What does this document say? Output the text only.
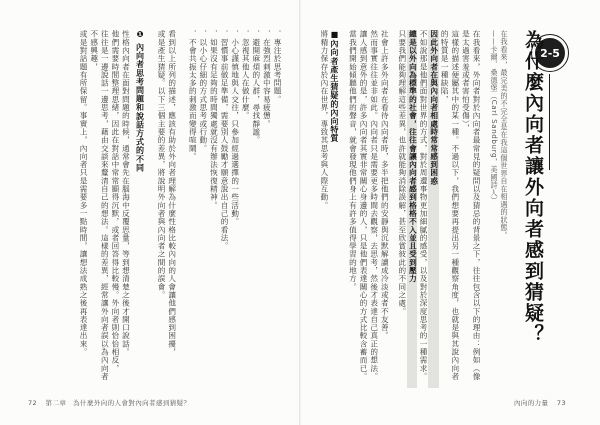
2-5
為什麼內向者讓外向者感到猜疑？
在我看來，最完美的不完全是在我這個世界自在相遇的狀態。
——卡爾．桑德堡（Carl Sandburg，美國詩人）
在我看來，外向者對於內向者最常見的疑問以及猜忌的背景之下，往往包含以下的理由：例如（像是太過害羞或者害怕受傷），
這樣的描述便屬其中的某一種。不過以下，我們想要再提出另一種觀察角度，也就是與其說內向者的特質是一種缺陷，
因此外向者在與內向者相處時常常感到困惑
不如說那是他們面對世界的方式，對於周遭事物更加細膩的感受，以及對於深度思考的一種需求。
總是以外向為標準的社會，往往會讓內向者感到格格不入並且受到壓力
只要我們能夠理解這些差異，也許就能夠消除誤解，甚至欣賞彼此的不同之處。
社會上許多外向者在看待內向者時，多半把他們的安靜與沉默解讀成冷淡或者不友善。
然而事實往往並非如此。內向者只是需要更多時間去觀察，去思考，然後才表達自己真正的想法。
讓人感到意外的是，許多內向者其實非常關心身邊的人，只是他們表達關心的方式比較含蓄而已。
當我們開始傾聽他們的聲音，就會發現他們身上有許多值得學習的地方。
■內向者產生猜疑的內向特質
將精力保存於內在世界，專致其思考與人際互動。
．專注於思考問題。
．在強烈刺激中容易疲憊。
．避開麻煩的人群，尋找靜謐。
．忽視其他人在做什麼。
．小心謹慎地與人交往，只參加經過選擇的一些活動。
．習慣事前做足準備，需要別人鼓勵才願意說出自己的看法。
．如果沒有足夠的時間獨處就沒有辦法恢復精神。
．以小心仔細的方式思考或行動。
．不會共振太多的刺激而變得喧鬧。
看到以上所列的描述，應該有助於外向者理解為什麼性格比較內向的人會讓他們感到困擾，
或是產生猜疑。以下三個主要的差異，將說明外向者與內向者之間的誤會。
❶ 內向者思考問題和說話方式的不同
性格內向者在面對問題的時候，通常會先在腦海中反覆思量，等到想清楚之後才開口說話。
他們需要時間整理思緒，因此在對話中常常顯得沉默，或者回答得比較慢。外向者則恰恰相反，
往往是一邊說話一邊思考，藉由交談來釐清自己的想法。這樣的差異，經常讓外向者誤以為內向者不感興趣，
或是對話題有所保留。事實上，內向者只是需要多一點時間，讓想法成熟之後再表達出來。
72 第二章　為什麼外向的人會對內向者感到猜疑？	內向的力量 73
